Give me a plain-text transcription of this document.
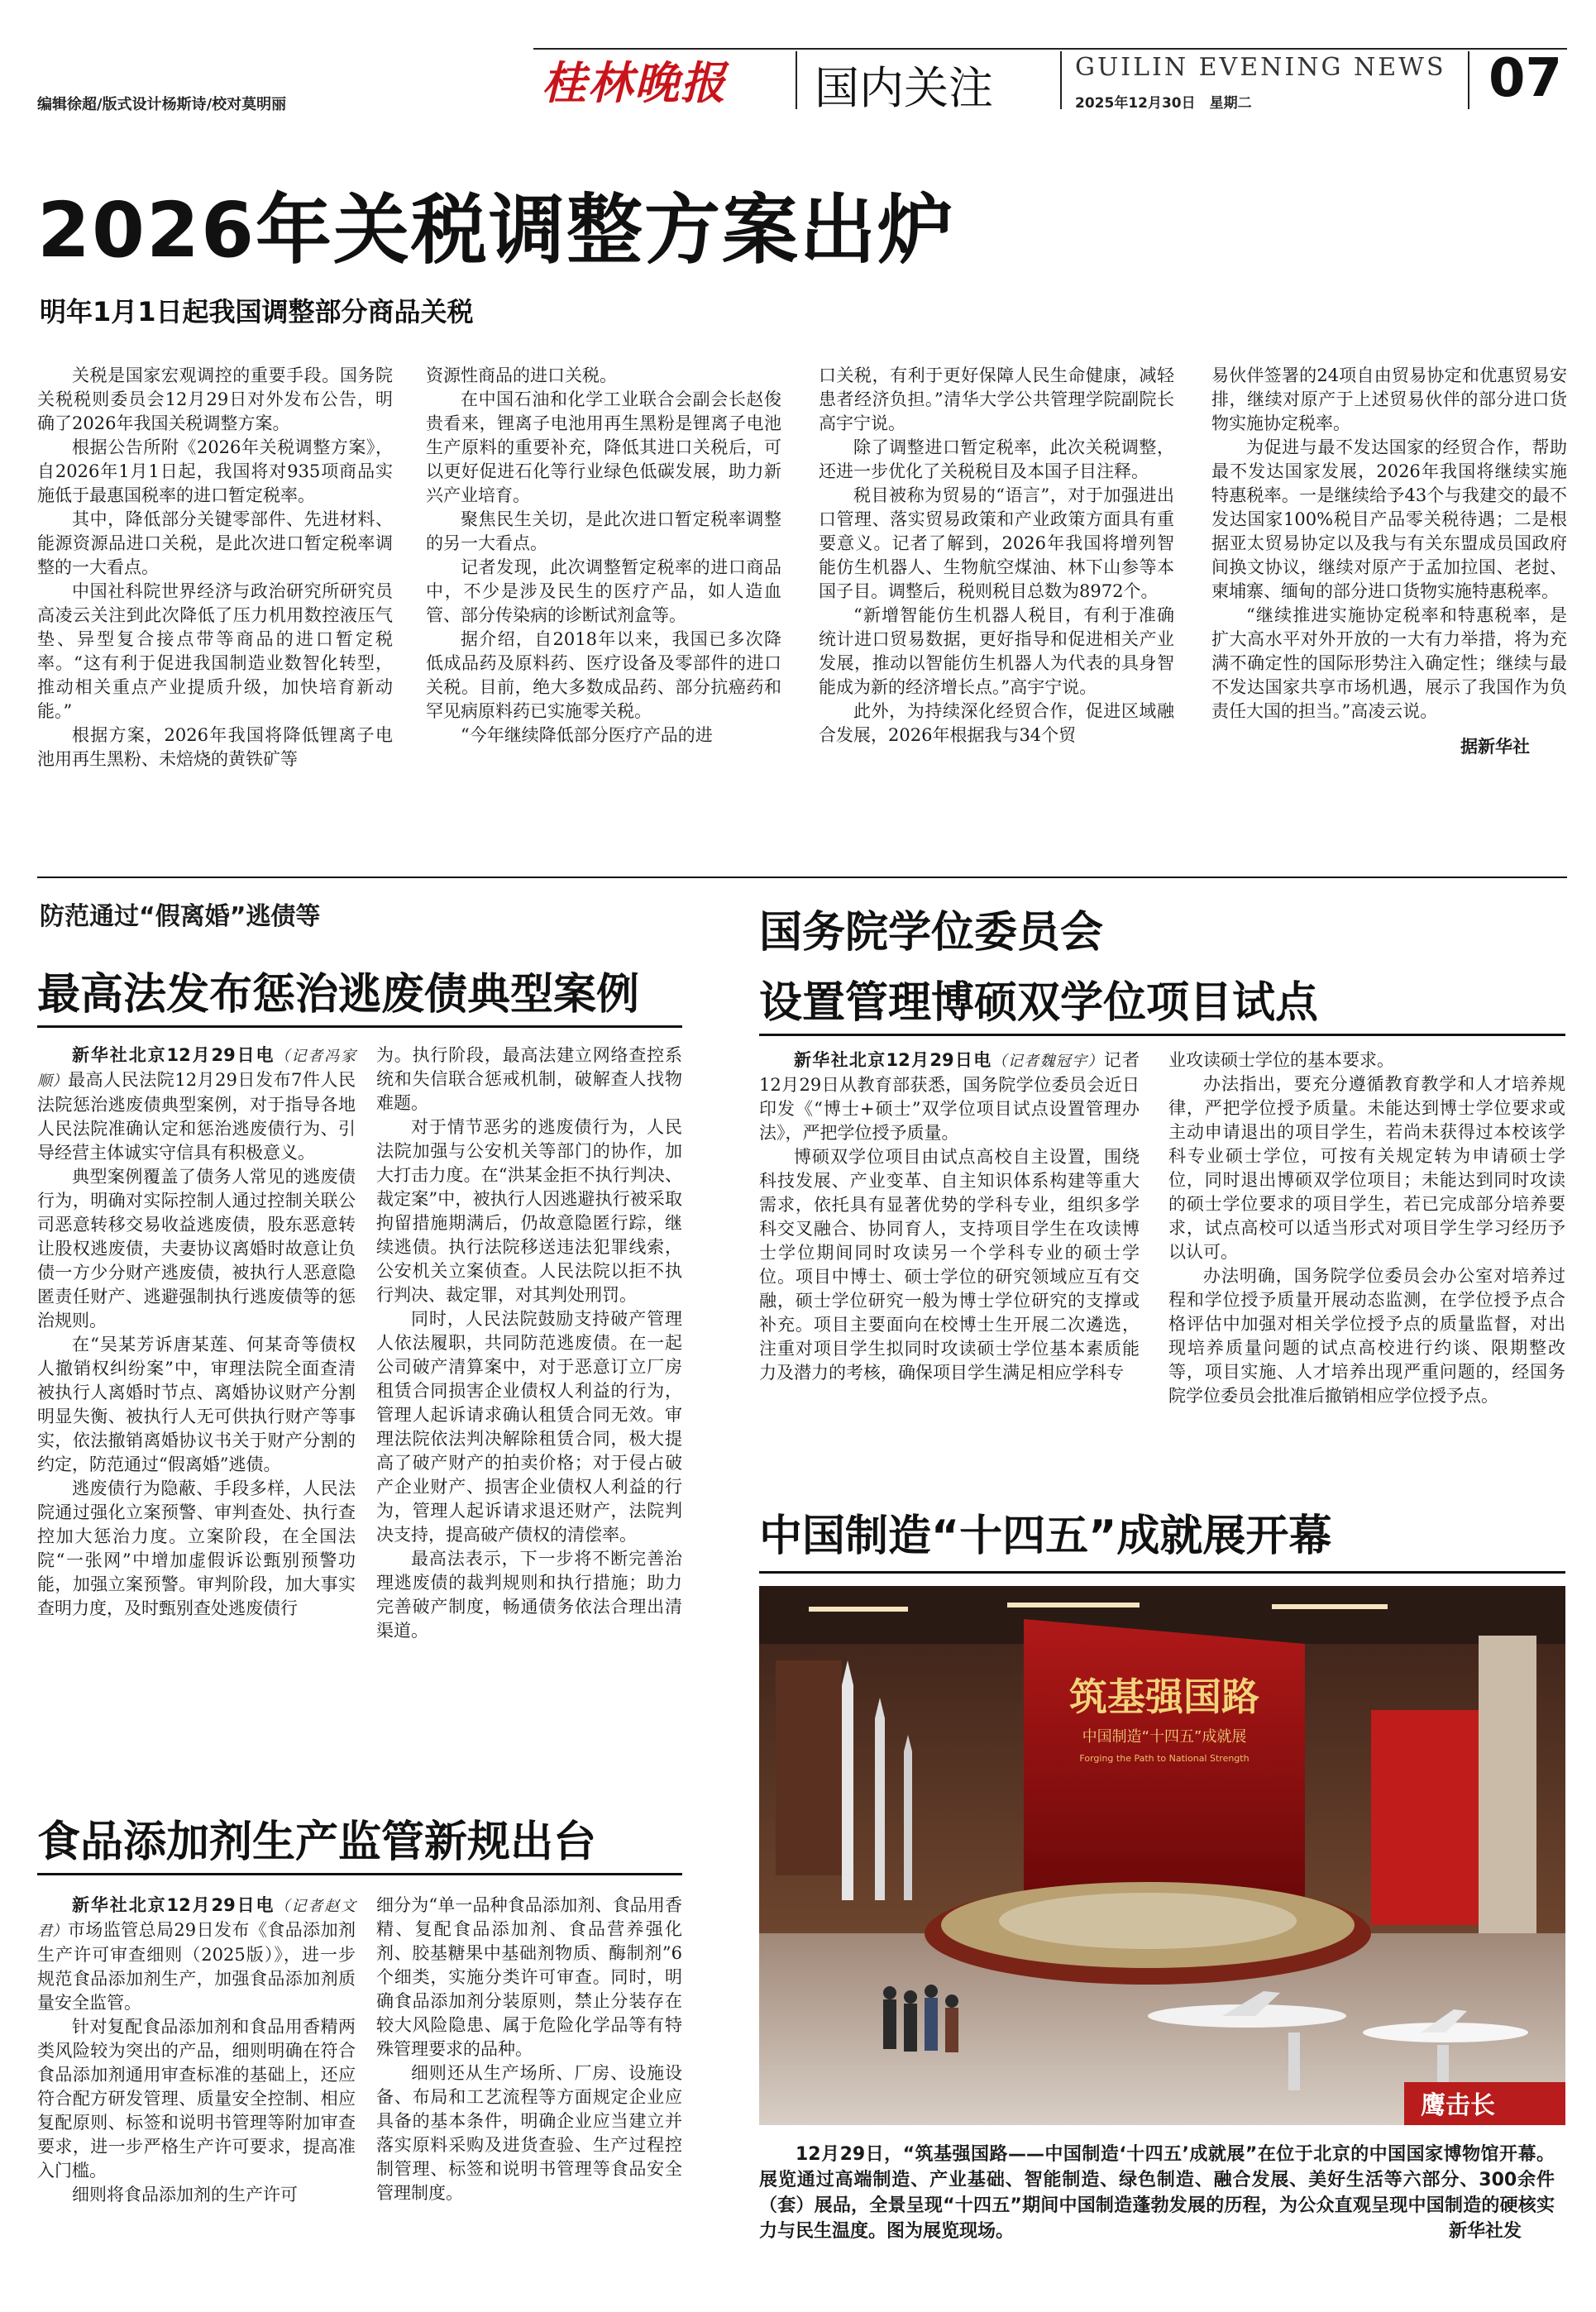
编辑徐超/版式设计杨斯诗/校对莫明丽	桂林晚报 国内关注	GUILIN EVENING NEWS
2025年12月30日　星期二	07
2026年关税调整方案出炉
明年1月1日起我国调整部分商品关税

关税是国家宏观调控的重要手段。国务院关税税则委员会12月29日对外发布公告，明确了2026年我国关税调整方案。

根据公告所附《2026年关税调整方案》，自2026年1月1日起，我国将对935项商品实施低于最惠国税率的进口暂定税率。

其中，降低部分关键零部件、先进材料、能源资源品进口关税，是此次进口暂定税率调整的一大看点。

中国社科院世界经济与政治研究所研究员高凌云关注到此次降低了压力机用数控液压气垫、异型复合接点带等商品的进口暂定税率。“这有利于促进我国制造业数智化转型，推动相关重点产业提质升级，加快培育新动能。”

根据方案，2026年我国将降低锂离子电池用再生黑粉、未焙烧的黄铁矿等

资源性商品的进口关税。

在中国石油和化学工业联合会副会长赵俊贵看来，锂离子电池用再生黑粉是锂离子电池生产原料的重要补充，降低其进口关税后，可以更好促进石化等行业绿色低碳发展，助力新兴产业培育。

聚焦民生关切，是此次进口暂定税率调整的另一大看点。

记者发现，此次调整暂定税率的进口商品中，不少是涉及民生的医疗产品，如人造血管、部分传染病的诊断试剂盒等。

据介绍，自2018年以来，我国已多次降低成品药及原料药、医疗设备及零部件的进口关税。目前，绝大多数成品药、部分抗癌药和罕见病原料药已实施零关税。

“今年继续降低部分医疗产品的进

口关税，有利于更好保障人民生命健康，减轻患者经济负担。”清华大学公共管理学院副院长高宇宁说。

除了调整进口暂定税率，此次关税调整，还进一步优化了关税税目及本国子目注释。

税目被称为贸易的“语言”，对于加强进出口管理、落实贸易政策和产业政策方面具有重要意义。记者了解到，2026年我国将增列智能仿生机器人、生物航空煤油、林下山参等本国子目。调整后，税则税目总数为8972个。

“新增智能仿生机器人税目，有利于准确统计进口贸易数据，更好指导和促进相关产业发展，推动以智能仿生机器人为代表的具身智能成为新的经济增长点。”高宇宁说。

此外，为持续深化经贸合作，促进区域融合发展，2026年根据我与34个贸

易伙伴签署的24项自由贸易协定和优惠贸易安排，继续对原产于上述贸易伙伴的部分进口货物实施协定税率。

为促进与最不发达国家的经贸合作，帮助最不发达国家发展，2026年我国将继续实施特惠税率。一是继续给予43个与我建交的最不发达国家100%税目产品零关税待遇；二是根据亚太贸易协定以及我与有关东盟成员国政府间换文协议，继续对原产于孟加拉国、老挝、柬埔寨、缅甸的部分进口货物实施特惠税率。

“继续推进实施协定税率和特惠税率，是扩大高水平对外开放的一大有力举措，将为充满不确定性的国际形势注入确定性；继续与最不发达国家共享市场机遇，展示了我国作为负责任大国的担当。”高凌云说。

据新华社
防范通过“假离婚”逃债等
最高法发布惩治逃废债典型案例

新华社北京12月29日电（记者冯家顺）最高人民法院12月29日发布7件人民法院惩治逃废债典型案例，对于指导各地人民法院准确认定和惩治逃废债行为、引导经营主体诚实守信具有积极意义。

典型案例覆盖了债务人常见的逃废债行为，明确对实际控制人通过控制关联公司恶意转移交易收益逃废债，股东恶意转让股权逃废债，夫妻协议离婚时故意让负债一方少分财产逃废债，被执行人恶意隐匿责任财产、逃避强制执行逃废债等的惩治规则。

在“吴某芳诉唐某莲、何某奇等债权人撤销权纠纷案”中，审理法院全面查清被执行人离婚时节点、离婚协议财产分割明显失衡、被执行人无可供执行财产等事实，依法撤销离婚协议书关于财产分割的约定，防范通过“假离婚”逃债。

逃废债行为隐蔽、手段多样，人民法院通过强化立案预警、审判查处、执行查控加大惩治力度。立案阶段，在全国法院“一张网”中增加虚假诉讼甄别预警功能，加强立案预警。审判阶段，加大事实查明力度，及时甄别查处逃废债行

为。执行阶段，最高法建立网络查控系统和失信联合惩戒机制，破解查人找物难题。

对于情节恶劣的逃废债行为，人民法院加强与公安机关等部门的协作，加大打击力度。在“洪某金拒不执行判决、裁定案”中，被执行人因逃避执行被采取拘留措施期满后，仍故意隐匿行踪，继续逃债。执行法院移送违法犯罪线索，公安机关立案侦查。人民法院以拒不执行判决、裁定罪，对其判处刑罚。

同时，人民法院鼓励支持破产管理人依法履职，共同防范逃废债。在一起公司破产清算案中，对于恶意订立厂房租赁合同损害企业债权人利益的行为，管理人起诉请求确认租赁合同无效。审理法院依法判决解除租赁合同，极大提高了破产财产的拍卖价格；对于侵占破产企业财产、损害企业债权人利益的行为，管理人起诉请求退还财产，法院判决支持，提高破产债权的清偿率。

最高法表示，下一步将不断完善治理逃废债的裁判规则和执行措施；助力完善破产制度，畅通债务依法合理出清渠道。

食品添加剂生产监管新规出台

新华社北京12月29日电（记者赵文君）市场监管总局29日发布《食品添加剂生产许可审查细则（2025版）》，进一步规范食品添加剂生产，加强食品添加剂质量安全监管。

针对复配食品添加剂和食品用香精两类风险较为突出的产品，细则明确在符合食品添加剂通用审查标准的基础上，还应符合配方研发管理、质量安全控制、相应复配原则、标签和说明书管理等附加审查要求，进一步严格生产许可要求，提高准入门槛。

细则将食品添加剂的生产许可

细分为“单一品种食品添加剂、食品用香精、复配食品添加剂、食品营养强化剂、胶基糖果中基础剂物质、酶制剂”6个细类，实施分类许可审查。同时，明确食品添加剂分装原则，禁止分装存在较大风险隐患、属于危险化学品等有特殊管理要求的品种。

细则还从生产场所、厂房、设施设备、布局和工艺流程等方面规定企业应具备的基本条件，明确企业应当建立并落实原料采购及进货查验、生产过程控制管理、标签和说明书管理等食品安全管理制度。

国务院学位委员会
设置管理博硕双学位项目试点

新华社北京12月29日电（记者魏冠宇）记者12月29日从教育部获悉，国务院学位委员会近日印发《“博士+硕士”双学位项目试点设置管理办法》，严把学位授予质量。

博硕双学位项目由试点高校自主设置，围绕科技发展、产业变革、自主知识体系构建等重大需求，依托具有显著优势的学科专业，组织多学科交叉融合、协同育人，支持项目学生在攻读博士学位期间同时攻读另一个学科专业的硕士学位。项目中博士、硕士学位的研究领域应互有交融，硕士学位研究一般为博士学位研究的支撑或补充。项目主要面向在校博士生开展二次遴选，注重对项目学生拟同时攻读硕士学位基本素质能力及潜力的考核，确保项目学生满足相应学科专

业攻读硕士学位的基本要求。

办法指出，要充分遵循教育教学和人才培养规律，严把学位授予质量。未能达到博士学位要求或主动申请退出的项目学生，若尚未获得过本校该学科专业硕士学位，可按有关规定转为申请硕士学位，同时退出博硕双学位项目；未能达到同时攻读的硕士学位要求的项目学生，若已完成部分培养要求，试点高校可以适当形式对项目学生学习经历予以认可。

办法明确，国务院学位委员会办公室对培养过程和学位授予质量开展动态监测，在学位授予点合格评估中加强对相关学位授予点的质量监督，对出现培养质量问题的试点高校进行约谈、限期整改等，项目实施、人才培养出现严重问题的，经国务院学位委员会批准后撤销相应学位授予点。

中国制造“十四五”成就展开幕
筑基强国路
中国制造“十四五”成就展
Forging the Path to National Strength
鹰击长
12月29日，“筑基强国路——中国制造‘十四五’成就展”在位于北京的中国国家博物馆开幕。展览通过高端制造、产业基础、智能制造、绿色制造、融合发展、美好生活等六部分、300余件（套）展品，全景呈现“十四五”期间中国制造蓬勃发展的历程，为公众直观呈现中国制造的硬核实力与民生温度。图为展览现场。	新华社发
